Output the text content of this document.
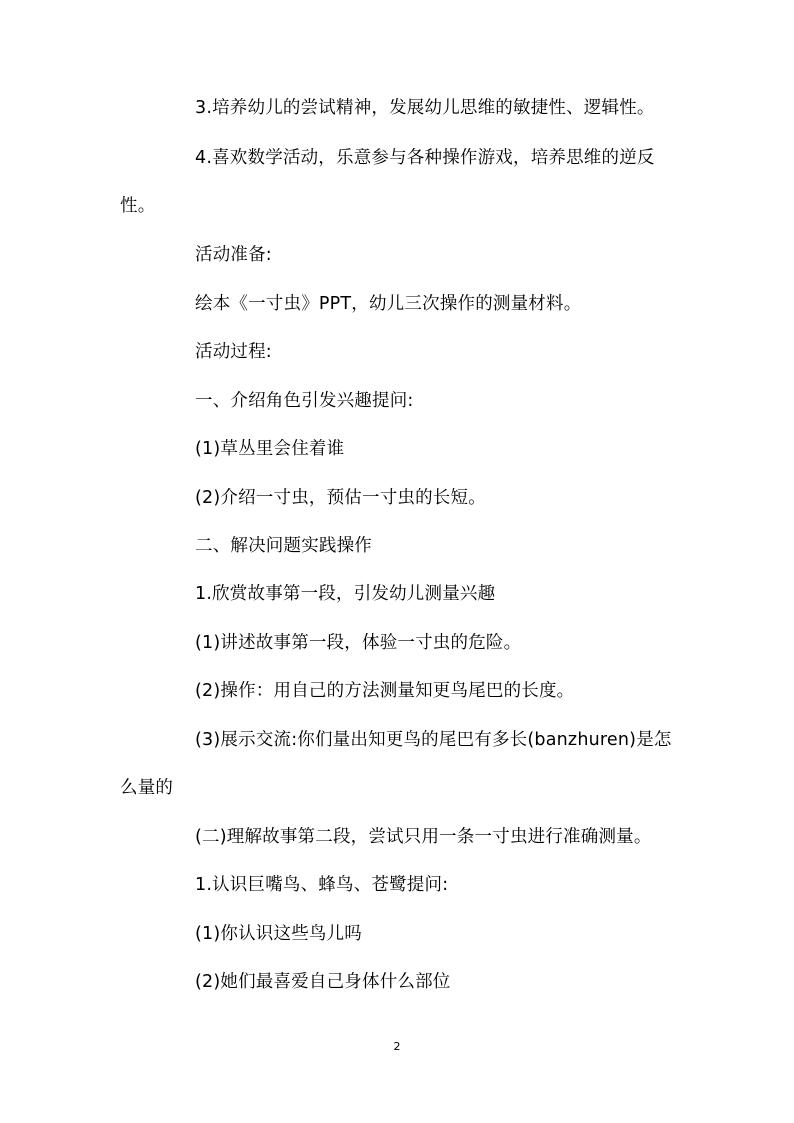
3.培养幼儿的尝试精神，发展幼儿思维的敏捷性、逻辑性。
4.喜欢数学活动，乐意参与各种操作游戏，培养思维的逆反
性。
活动准备:
绘本《一寸虫》PPT，幼儿三次操作的测量材料。
活动过程:
一、介绍角色引发兴趣提问:
(1)草丛里会住着谁
(2)介绍一寸虫，预估一寸虫的长短。
二、解决问题实践操作
1.欣赏故事第一段，引发幼儿测量兴趣
(1)讲述故事第一段，体验一寸虫的危险。
(2)操作：用自己的方法测量知更鸟尾巴的长度。
(3)展示交流:你们量出知更鸟的尾巴有多长(banzhuren)是怎
么量的
(二)理解故事第二段，尝试只用一条一寸虫进行准确测量。
1.认识巨嘴鸟、蜂鸟、苍鹭提问:
(1)你认识这些鸟儿吗
(2)她们最喜爱自己身体什么部位
2
